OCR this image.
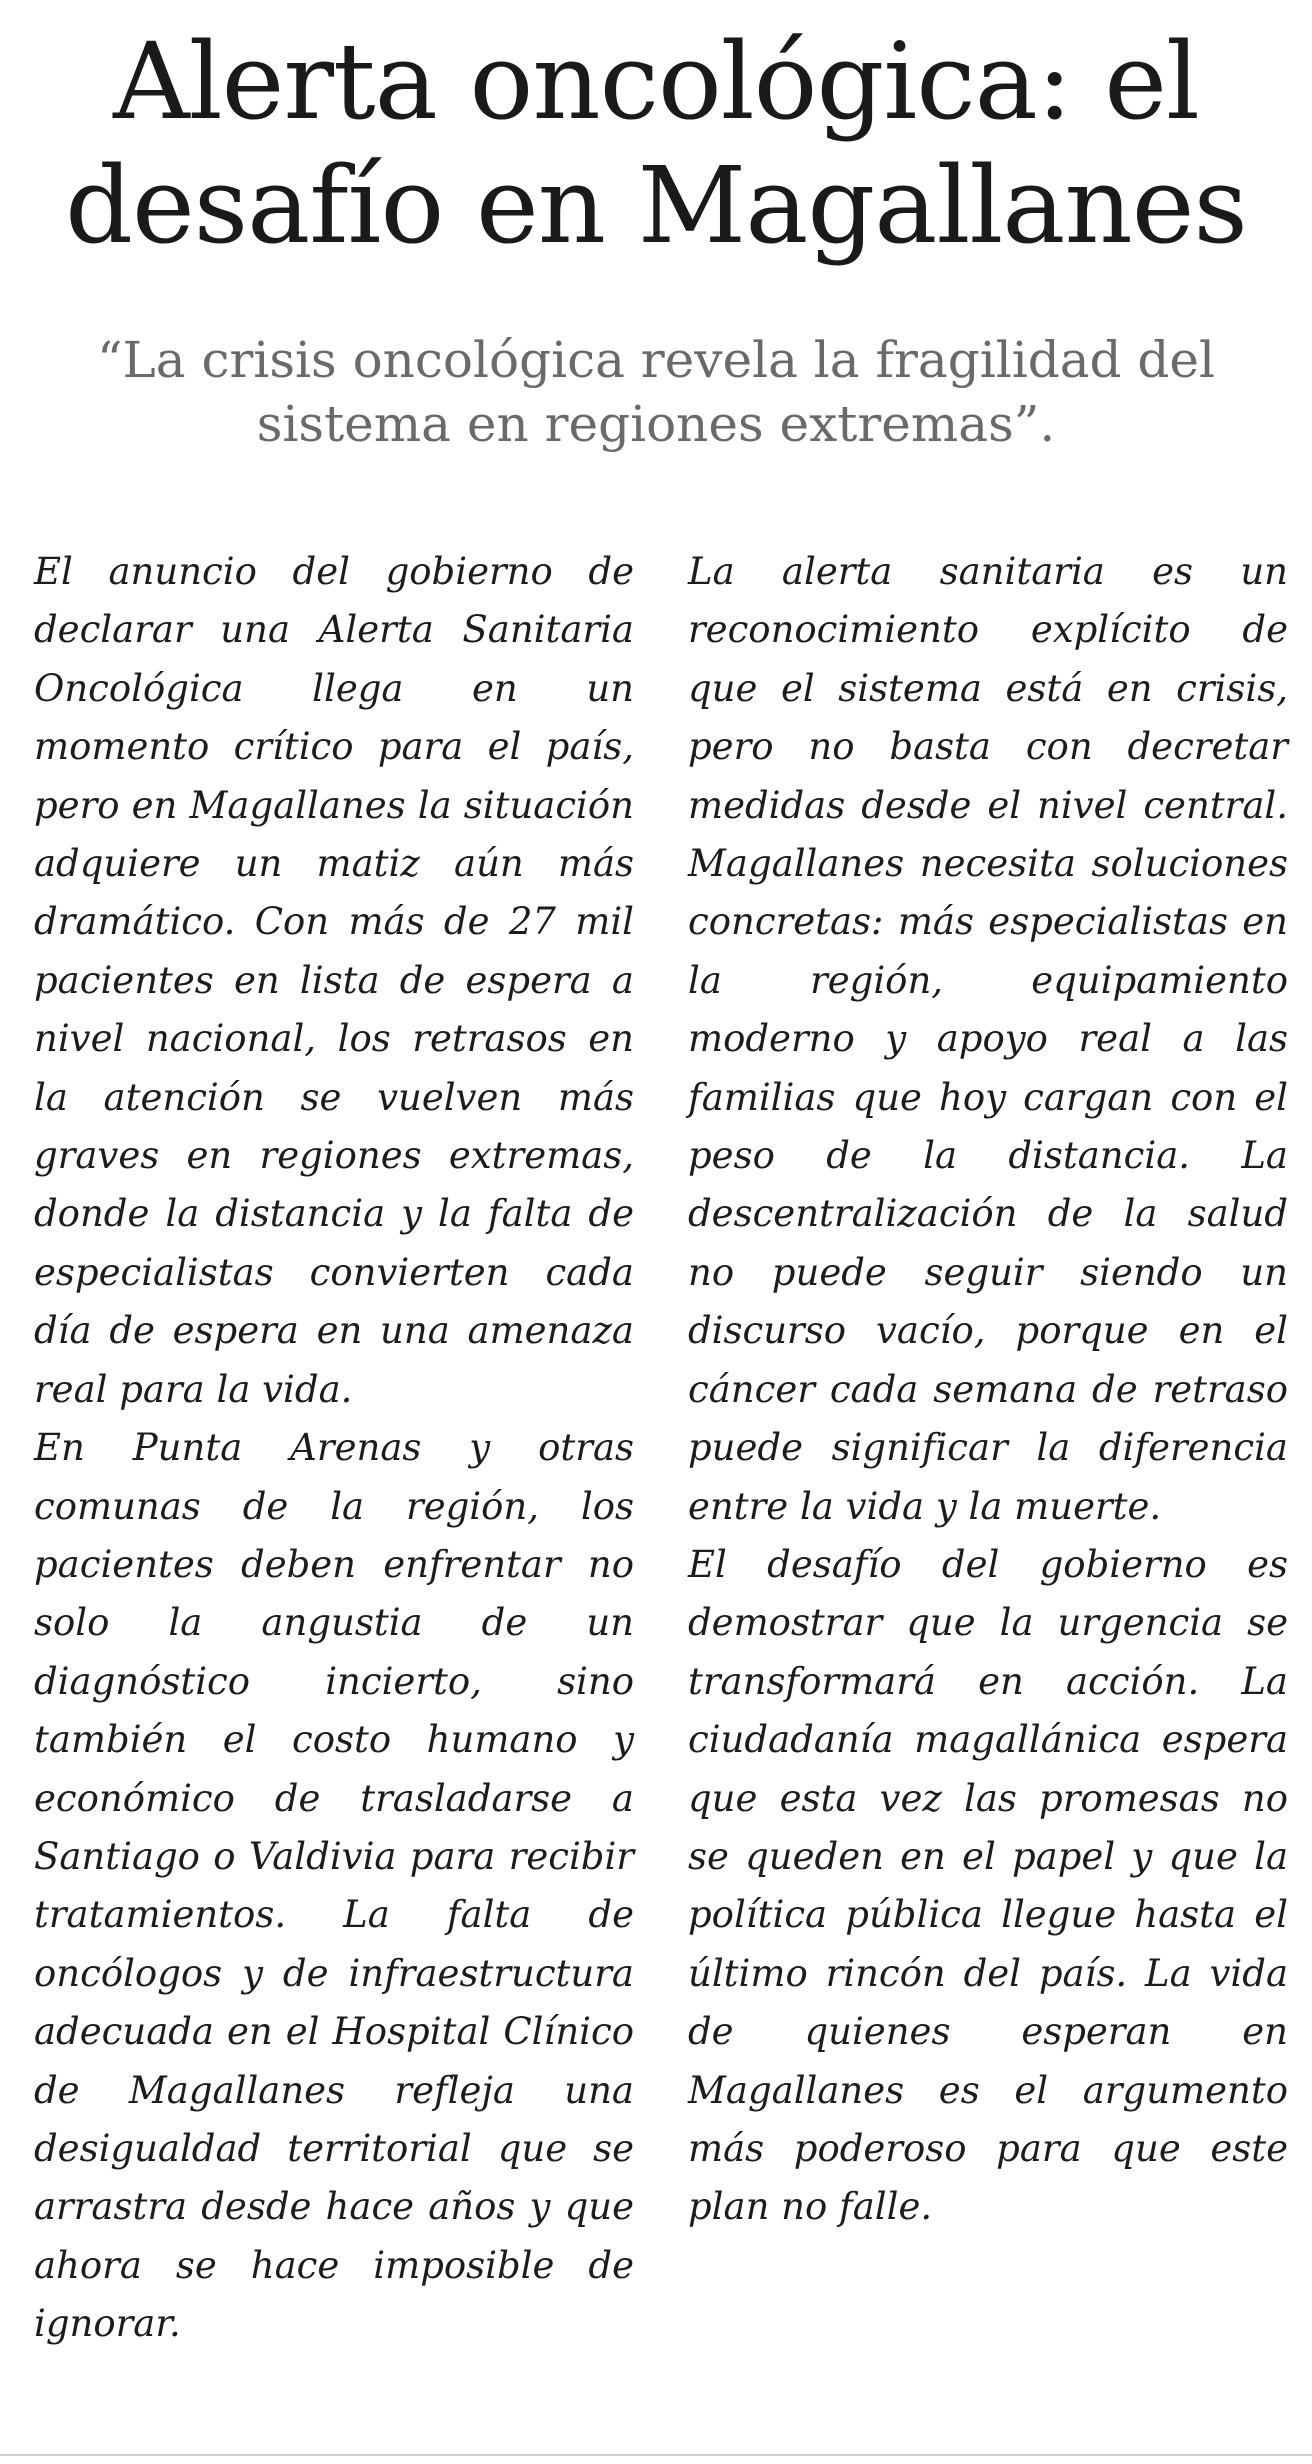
Alerta oncológica: el
desafío en Magallanes
“La crisis oncológica revela la fragilidad del
sistema en regiones extremas”.

El anuncio del gobierno de declarar una Alerta Sanitaria Oncológica llega en un momento crítico para el país, pero en Magallanes la situación adquiere un matiz aún más dramático. Con más de 27 mil pacientes en lista de espera a nivel nacional, los retrasos en la atención se vuelven más graves en regiones extremas, donde la distancia y la falta de especialistas convierten cada día de espera en una amenaza real para la vida.

En Punta Arenas y otras comunas de la región, los pacientes deben enfrentar no solo la angustia de un diagnóstico incierto, sino también el costo humano y económico de trasladarse a Santiago o Valdivia para recibir tratamientos. La falta de oncólogos y de infraestructura adecuada en el Hospital Clínico de Magallanes refleja una desigualdad territorial que se arrastra desde hace años y que ahora se hace imposible de ignorar.

La alerta sanitaria es un reconocimiento explícito de que el sistema está en crisis, pero no basta con decretar medidas desde el nivel central. Magallanes necesita soluciones concretas: más especialistas en la región, equipamiento moderno y apoyo real a las familias que hoy cargan con el peso de la distancia. La descentralización de la salud no puede seguir siendo un discurso vacío, porque en el cáncer cada semana de retraso puede significar la diferencia entre la vida y la muerte.

El desafío del gobierno es demostrar que la urgencia se transformará en acción. La ciudadanía magallánica espera que esta vez las promesas no se queden en el papel y que la política pública llegue hasta el último rincón del país. La vida de quienes esperan en Magallanes es el argumento más poderoso para que este plan no falle.
